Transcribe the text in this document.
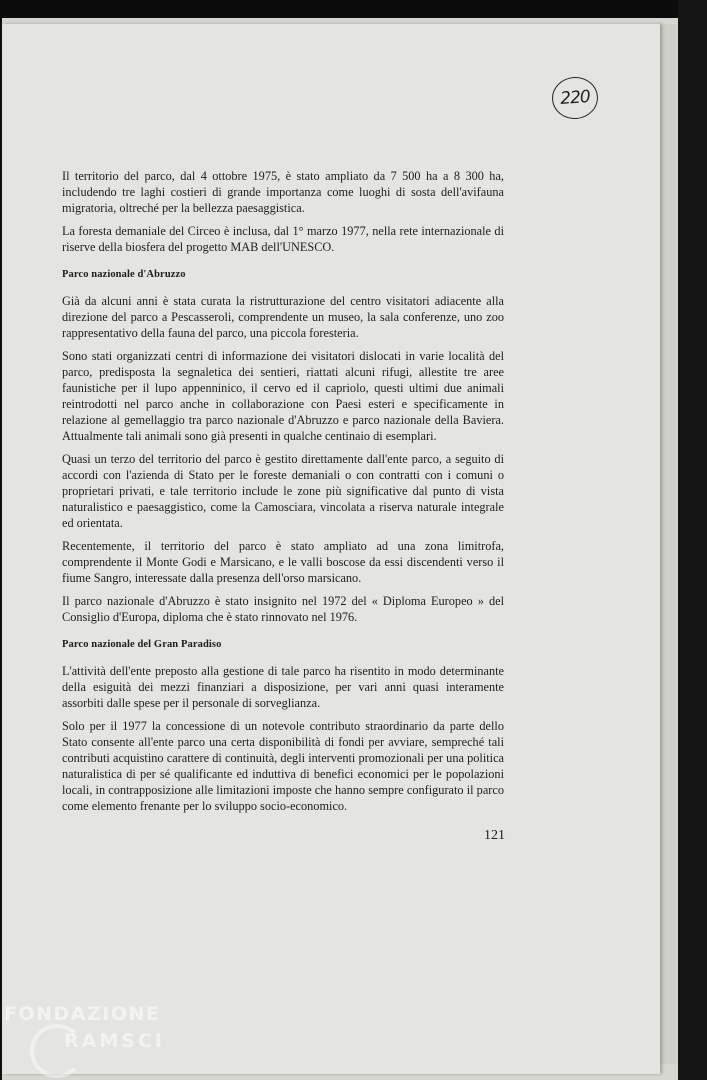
220

Il territorio del parco, dal 4 ottobre 1975, è stato ampliato da 7 500 ha a 8 300 ha, includendo tre laghi costieri di grande importanza come luoghi di sosta dell'avifauna migratoria, oltreché per la bellezza paesaggistica.

La foresta demaniale del Circeo è inclusa, dal 1° marzo 1977, nella rete internazionale di riserve della biosfera del progetto MAB dell'UNESCO.

Parco nazionale d'Abruzzo

Già da alcuni anni è stata curata la ristrutturazione del centro visitatori adiacente alla direzione del parco a Pescasseroli, comprendente un museo, la sala conferenze, uno zoo rappresentativo della fauna del parco, una piccola foresteria.

Sono stati organizzati centri di informazione dei visitatori dislocati in varie località del parco, predisposta la segnaletica dei sentieri, riattati alcuni rifugi, allestite tre aree faunistiche per il lupo appenninico, il cervo ed il capriolo, questi ultimi due animali reintrodotti nel parco anche in collaborazione con Paesi esteri e specificamente in relazione al gemellaggio tra parco nazionale d'Abruzzo e parco nazionale della Baviera. Attualmente tali animali sono già presenti in qualche centinaio di esemplari.

Quasi un terzo del territorio del parco è gestito direttamente dall'ente parco, a seguito di accordi con l'azienda di Stato per le foreste demaniali o con contratti con i comuni o proprietari privati, e tale territorio include le zone più significative dal punto di vista naturalistico e paesaggistico, come la Camosciara, vincolata a riserva naturale integrale ed orientata.

Recentemente, il territorio del parco è stato ampliato ad una zona limitrofa, comprendente il Monte Godi e Marsicano, e le valli boscose da essi discendenti verso il fiume Sangro, interessate dalla presenza dell'orso marsicano.

Il parco nazionale d'Abruzzo è stato insignito nel 1972 del « Diploma Europeo » del Consiglio d'Europa, diploma che è stato rinnovato nel 1976.

Parco nazionale del Gran Paradiso

L'attività dell'ente preposto alla gestione di tale parco ha risentito in modo determinante della esiguità dei mezzi finanziari a disposizione, per vari anni quasi interamente assorbiti dalle spese per il personale di sorveglianza.

Solo per il 1977 la concessione di un notevole contributo straordinario da parte dello Stato consente all'ente parco una certa disponibilità di fondi per avviare, sempreché tali contributi acquistino carattere di continuità, degli interventi promozionali per una politica naturalistica di per sé qualificante ed induttiva di benefici economici per le popolazioni locali, in contrapposizione alle limitazioni imposte che hanno sempre configurato il parco come elemento frenante per lo sviluppo socio-economico.

121
FONDAZIONE
RAMSCI
